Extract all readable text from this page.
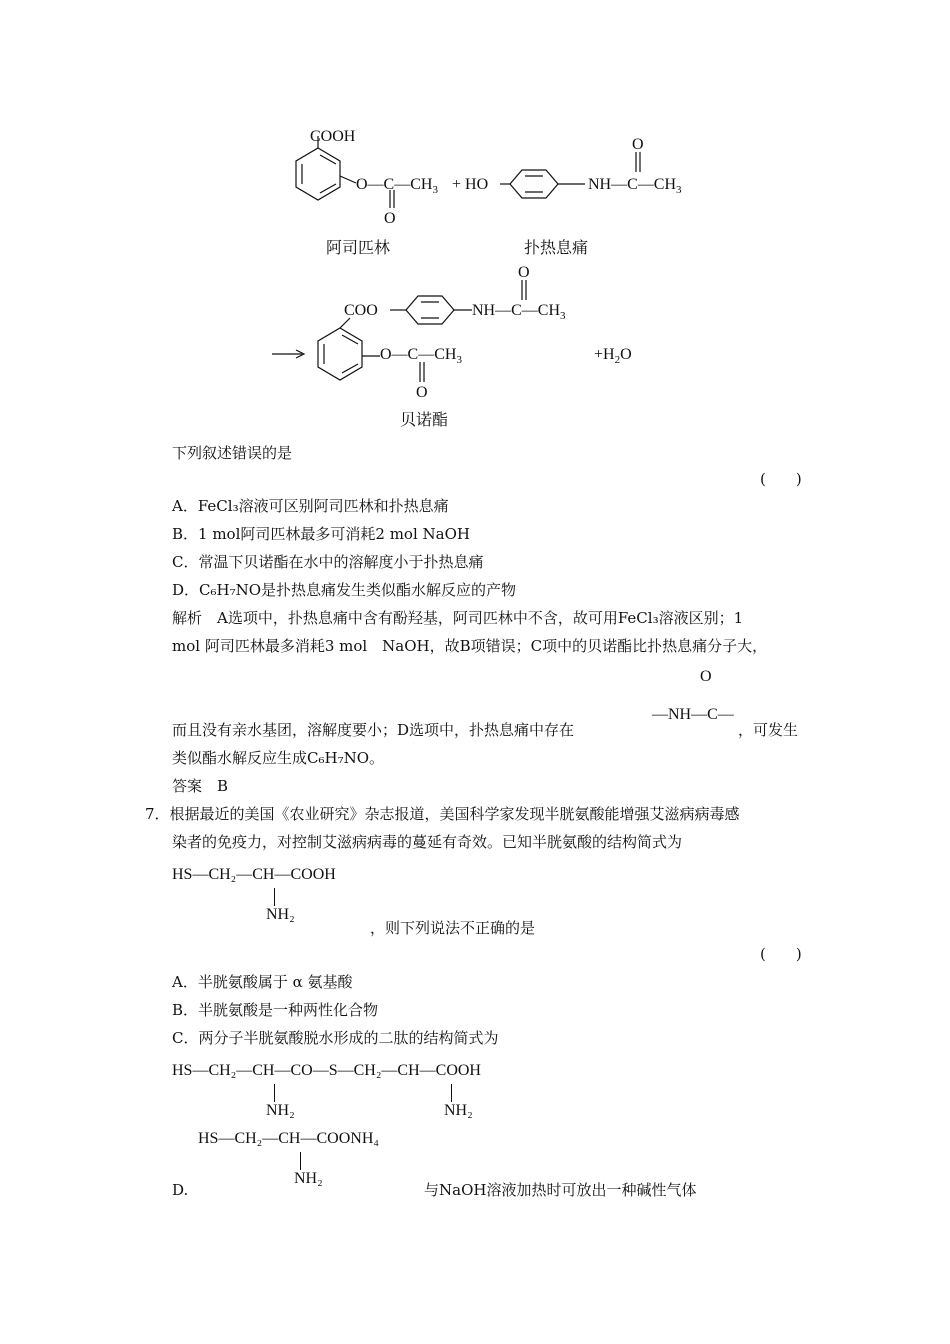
COOH
$O—C—CH_3$
O
+ HO	$NH—C—CH_3$
O
阿司匹林	扑热息痛
O
COO	$NH—C—CH_3$
$O—C—CH_3$
O
$+H_2O$
贝诺酯
下列叙述错误的是
(　　)
A．FeCl₃溶液可区别阿司匹林和扑热息痛
B．1 mol阿司匹林最多可消耗2 mol NaOH
C．常温下贝诺酯在水中的溶解度小于扑热息痛
D．C₆H₇NO是扑热息痛发生类似酯水解反应的产物
解析　A选项中，扑热息痛中含有酚羟基，阿司匹林中不含，故可用FeCl₃溶液区别；1
mol 阿司匹林最多消耗3 mol　NaOH，故B项错误；C项中的贝诺酯比扑热息痛分子大，
O
而且没有亲水基团，溶解度要小；D选项中，扑热息痛中存在
—NH—C—
，可发生
类似酯水解反应生成C₆H₇NO。
答案　B
7．根据最近的美国《农业研究》杂志报道，美国科学家发现半胱氨酸能增强艾滋病病毒感
染者的免疫力，对控制艾滋病病毒的蔓延有奇效。已知半胱氨酸的结构简式为
HS—CH₂—CH—COOH
NH₂
，则下列说法不正确的是
(　　)
A．半胱氨酸属于 α 氨基酸
B．半胱氨酸是一种两性化合物
C．两分子半胱氨酸脱水形成的二肽的结构简式为
HS—CH₂—CH—CO—S—CH₂—CH—COOH
NH₂	NH₂
HS—CH₂—CH—COONH₄
NH₂
D.	与NaOH溶液加热时可放出一种碱性气体
